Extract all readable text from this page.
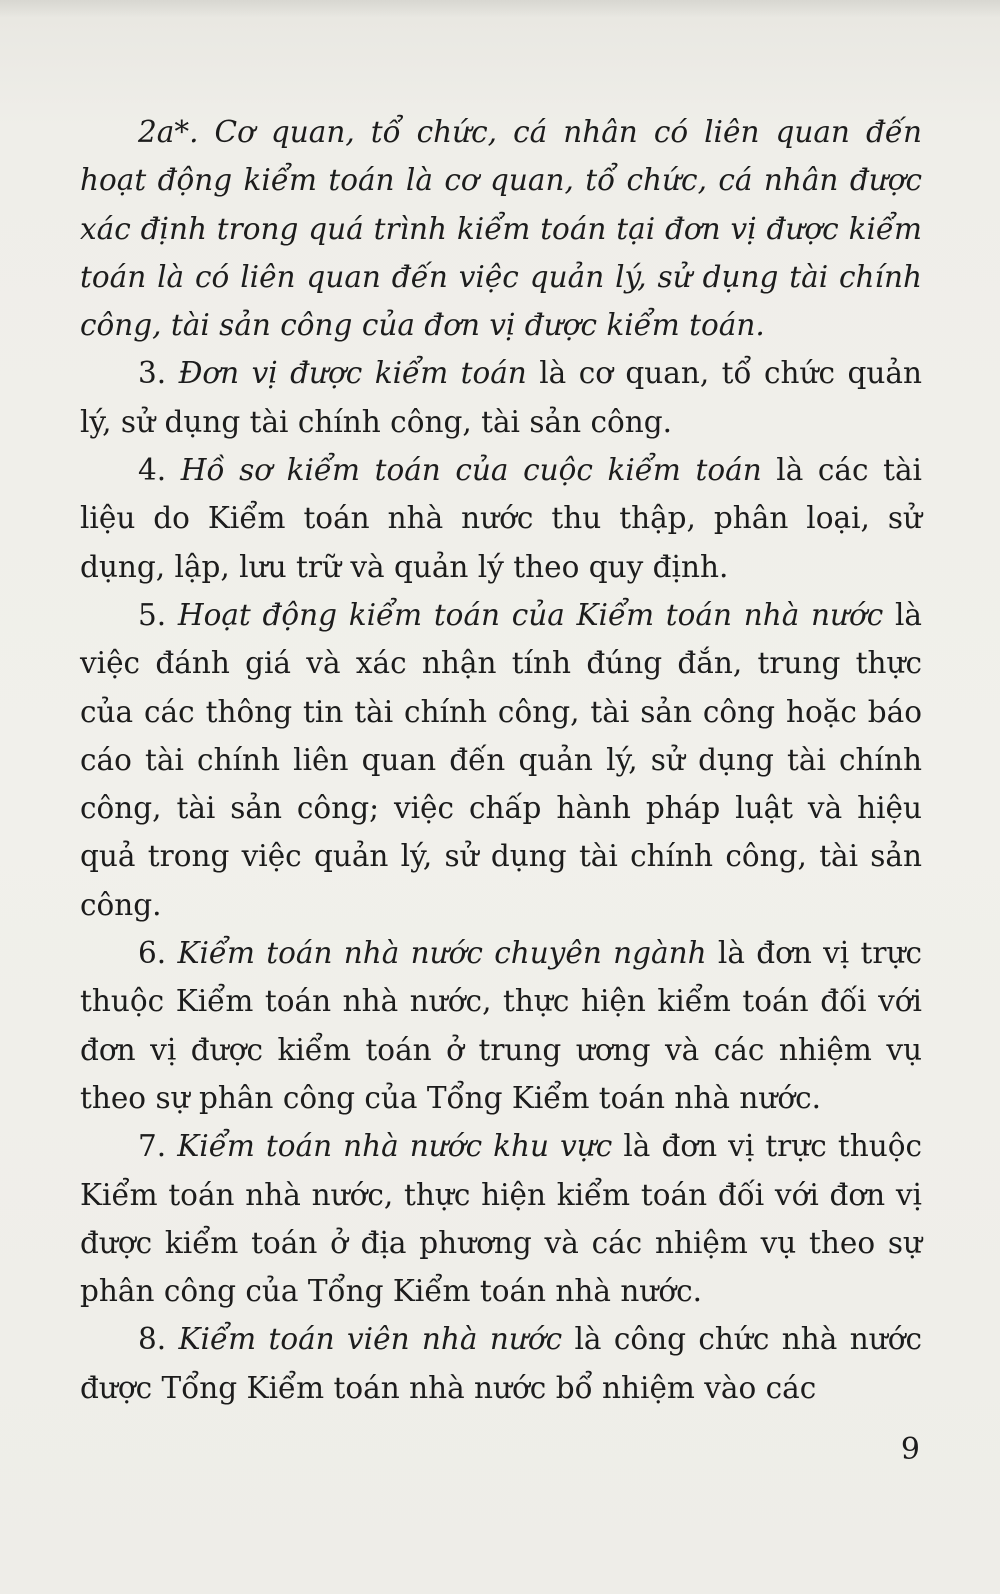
2a*. Cơ quan, tổ chức, cá nhân có liên quan đến hoạt động kiểm toán là cơ quan, tổ chức, cá nhân được xác định trong quá trình kiểm toán tại đơn vị được kiểm toán là có liên quan đến việc quản lý, sử dụng tài chính công, tài sản công của đơn vị được kiểm toán.

3. Đơn vị được kiểm toán là cơ quan, tổ chức quản lý, sử dụng tài chính công, tài sản công.

4. Hồ sơ kiểm toán của cuộc kiểm toán là các tài liệu do Kiểm toán nhà nước thu thập, phân loại, sử dụng, lập, lưu trữ và quản lý theo quy định.

5. Hoạt động kiểm toán của Kiểm toán nhà nước là việc đánh giá và xác nhận tính đúng đắn, trung thực của các thông tin tài chính công, tài sản công hoặc báo cáo tài chính liên quan đến quản lý, sử dụng tài chính công, tài sản công; việc chấp hành pháp luật và hiệu quả trong việc quản lý, sử dụng tài chính công, tài sản công.

6. Kiểm toán nhà nước chuyên ngành là đơn vị trực thuộc Kiểm toán nhà nước, thực hiện kiểm toán đối với đơn vị được kiểm toán ở trung ương và các nhiệm vụ theo sự phân công của Tổng Kiểm toán nhà nước.

7. Kiểm toán nhà nước khu vực là đơn vị trực thuộc Kiểm toán nhà nước, thực hiện kiểm toán đối với đơn vị được kiểm toán ở địa phương và các nhiệm vụ theo sự phân công của Tổng Kiểm toán nhà nước.

8. Kiểm toán viên nhà nước là công chức nhà nước được Tổng Kiểm toán nhà nước bổ nhiệm vào các

9
